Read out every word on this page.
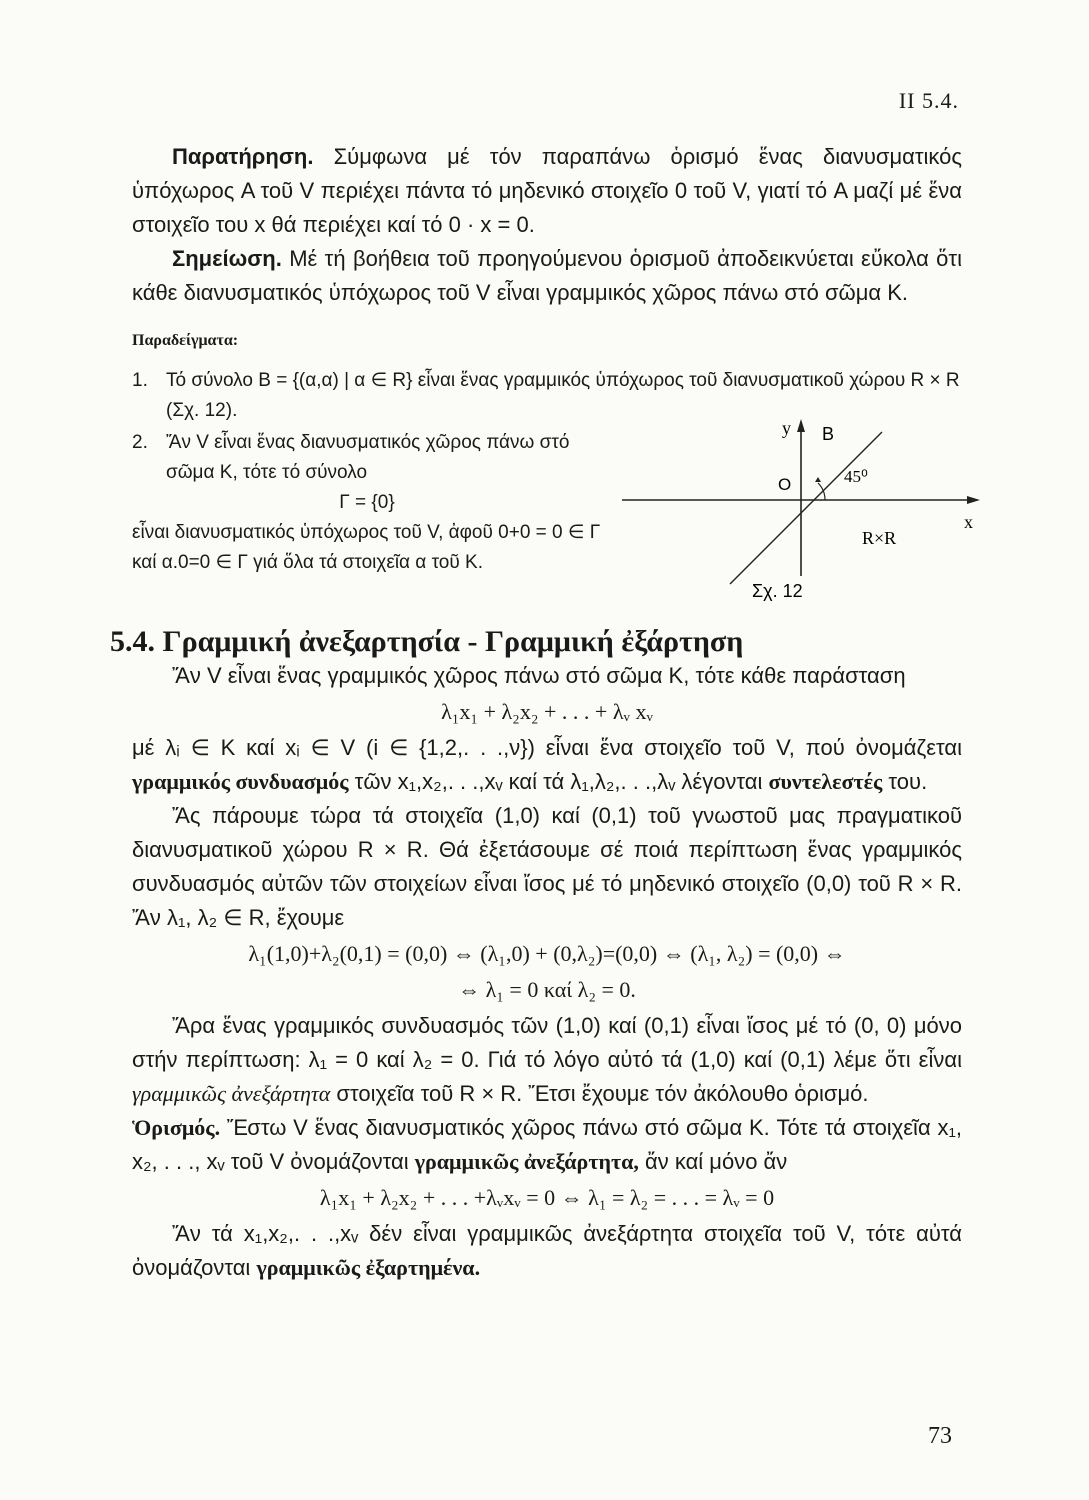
II 5.4.

Παρατήρηση. Σύμφωνα μέ τόν παραπάνω ὁρισμό ἕνας διανυσματικός ὑπόχωρος A τοῦ V περιέχει πάντα τό μηδενικό στοιχεῖο 0 τοῦ V, γιατί τό A μαζί μέ ἕνα στοιχεῖο του x θά περιέχει καί τό 0 · x = 0.

Σημείωση. Μέ τή βοήθεια τοῦ προηγούμενου ὁρισμοῦ ἀποδεικνύεται εὔκολα ὅτι κάθε διανυσματικός ὑπόχωρος τοῦ V εἶναι γραμμικός χῶρος πάνω στό σῶμα K.

Παραδείγματα:
1. Τό σύνολο B = {(α,α) | α ∈ R} εἶναι ἕνας γραμμικός ὑπόχωρος τοῦ διανυσματικοῦ χώρου R × R (Σχ. 12).
2. Ἄν V εἶναι ἕνας διανυσματικός χῶρος πάνω στό σῶμα K, τότε τό σύνολο
Γ = {0}
εἶναι διανυσματικός ὑπόχωρος τοῦ V, ἀφοῦ 0+0 = 0 ∈ Γ καί α.0=0 ∈ Γ γιά ὅλα τά στοιχεῖα α τοῦ K.
y B
O	45⁰
x
R×R
Σχ. 12
5.4. Γραμμική ἀνεξαρτησία - Γραμμική ἐξάρτηση

Ἄν V εἶναι ἕνας γραμμικός χῶρος πάνω στό σῶμα K, τότε κάθε παράσταση

λ₁x₁ + λ₂x₂ + . . . + λᵥ xᵥ

μέ λᵢ ∈ K καί xᵢ ∈ V (i ∈ {1,2,. . .,ν}) εἶναι ἕνα στοιχεῖο τοῦ V, πού ὀνομάζεται γραμμικός συνδυασμός τῶν x₁,x₂,. . .,xᵥ καί τά λ₁,λ₂,. . .,λᵥ λέγονται συντελεστές του.

Ἄς πάρουμε τώρα τά στοιχεῖα (1,0) καί (0,1) τοῦ γνωστοῦ μας πραγματικοῦ διανυσματικοῦ χώρου R × R. Θά ἐξετάσουμε σέ ποιά περίπτωση ἕνας γραμμικός συνδυασμός αὐτῶν τῶν στοιχείων εἶναι ἴσος μέ τό μηδενικό στοιχεῖο (0,0) τοῦ R × R. Ἄν λ₁, λ₂ ∈ R, ἔχουμε

λ₁(1,0)+λ₂(0,1) = (0,0) ⇔ (λ₁,0) + (0,λ₂)=(0,0) ⇔ (λ₁, λ₂) = (0,0) ⇔
⇔ λ₁ = 0 καί λ₂ = 0.

Ἄρα ἕνας γραμμικός συνδυασμός τῶν (1,0) καί (0,1) εἶναι ἴσος μέ τό (0, 0) μόνο στήν περίπτωση: λ₁ = 0 καί λ₂ = 0. Γιά τό λόγο αὐτό τά (1,0) καί (0,1) λέμε ὅτι εἶναι γραμμικῶς ἀνεξάρτητα στοιχεῖα τοῦ R × R. Ἔτσι ἔχουμε τόν ἀκόλουθο ὁρισμό.

Ὁρισμός. Ἔστω V ἕνας διανυσματικός χῶρος πάνω στό σῶμα K. Τότε τά στοιχεῖα x₁, x₂, . . ., xᵥ τοῦ V ὀνομάζονται γραμμικῶς ἀνεξάρτητα, ἄν καί μόνο ἄν

λ₁x₁ + λ₂x₂ + . . . +λᵥxᵥ = 0 ⇔ λ₁ = λ₂ = . . . = λᵥ = 0

Ἄν τά x₁,x₂,. . .,xᵥ δέν εἶναι γραμμικῶς ἀνεξάρτητα στοιχεῖα τοῦ V, τότε αὐτά ὀνομάζονται γραμμικῶς ἐξαρτημένα.

73
